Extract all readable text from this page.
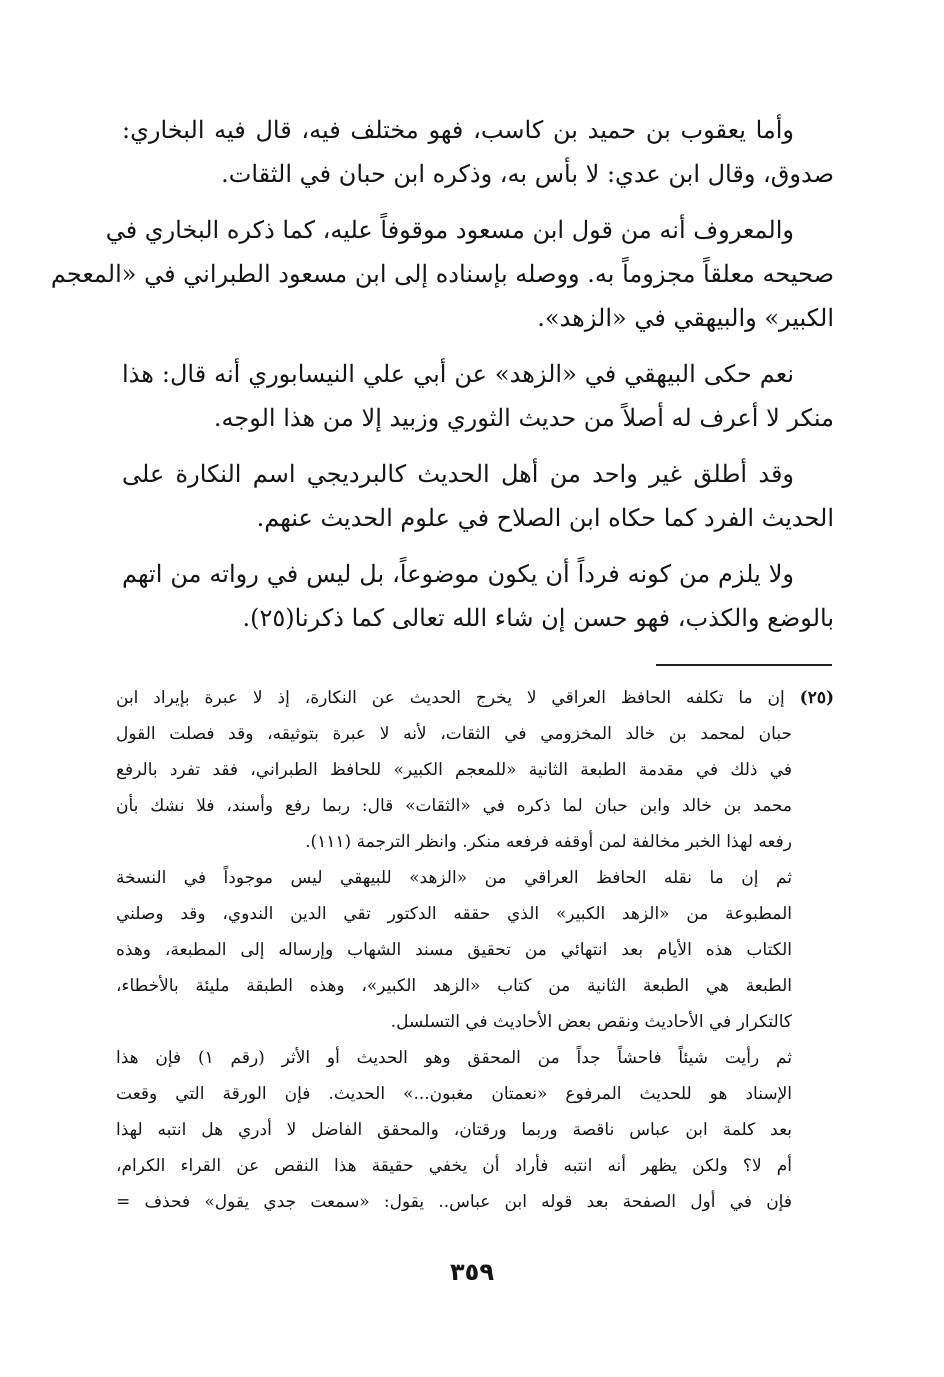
وأما يعقوب بن حميد بن كاسب، فهو مختلف فيه، قال فيه البخاري:
صدوق، وقال ابن عدي: لا بأس به، وذكره ابن حبان في الثقات.

والمعروف أنه من قول ابن مسعود موقوفاً عليه، كما ذكره البخاري في
صحيحه معلقاً مجزوماً به. ووصله بإسناده إلى ابن مسعود الطبراني في «المعجم
الكبير» والبيهقي في «الزهد».

نعم حكى البيهقي في «الزهد» عن أبي علي النيسابوري أنه قال: هذا
منكر لا أعرف له أصلاً من حديث الثوري وزبيد إلا من هذا الوجه.

وقد أطلق غير واحد من أهل الحديث كالبرديجي اسم النكارة على
الحديث الفرد كما حكاه ابن الصلاح في علوم الحديث عنهم.

ولا يلزم من كونه فرداً أن يكون موضوعاً، بل ليس في رواته من اتهم
بالوضع والكذب، فهو حسن إن شاء الله تعالى كما ذكرنا(٢٥).

(٢٥) إن ما تكلفه الحافظ العراقي لا يخرج الحديث عن النكارة، إذ لا عبرة بإيراد ابن
حبان لمحمد بن خالد المخزومي في الثقات، لأنه لا عبرة بتوثيقه، وقد فصلت القول
في ذلك في مقدمة الطبعة الثانية «للمعجم الكبير» للحافظ الطبراني، فقد تفرد بالرفع
محمد بن خالد وابن حبان لما ذكره في «الثقات» قال: ربما رفع وأسند، فلا نشك بأن
رفعه لهذا الخبر مخالفة لمن أوقفه فرفعه منكر. وانظر الترجمة (١١١).

ثم إن ما نقله الحافظ العراقي من «الزهد» للبيهقي ليس موجوداً في النسخة
المطبوعة من «الزهد الكبير» الذي حققه الدكتور تقي الدين الندوي، وقد وصلني
الكتاب هذه الأيام بعد انتهائي من تحقيق مسند الشهاب وإرساله إلى المطبعة، وهذه
الطبعة هي الطبعة الثانية من كتاب «الزهد الكبير»، وهذه الطبقة مليئة بالأخطاء،
كالتكرار في الأحاديث ونقص بعض الأحاديث في التسلسل.

ثم رأيت شيئاً فاحشاً جداً من المحقق وهو الحديث أو الأثر (رقم ١) فإن هذا
الإسناد هو للحديث المرفوع «نعمتان مغبون...» الحديث. فإن الورقة التي وقعت
بعد كلمة ابن عباس ناقصة وربما ورقتان، والمحقق الفاضل لا أدري هل انتبه لهذا
أم لا؟ ولكن يظهر أنه انتبه فأراد أن يخفي حقيقة هذا النقص عن القراء الكرام،
فإن في أول الصفحة بعد قوله ابن عباس.. يقول: «سمعت جدي يقول» فحذف =

٣٥٩
